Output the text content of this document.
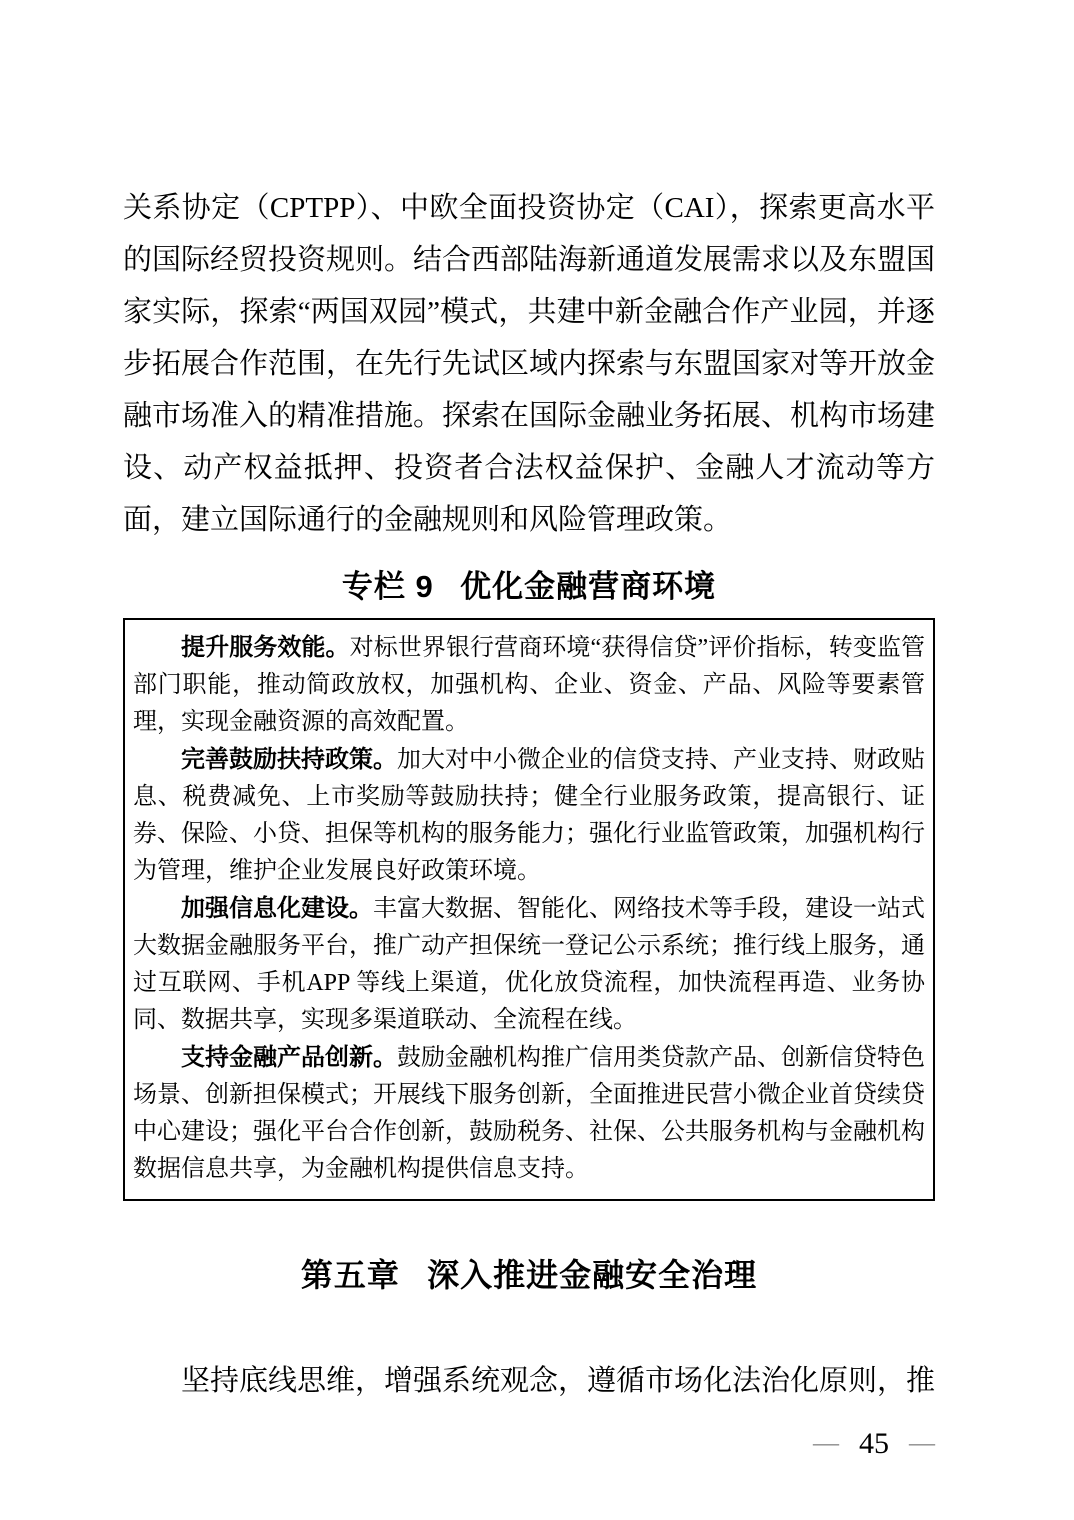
关系协定（CPTPP）、中欧全面投资协定（CAI），探索更高水平的国际经贸投资规则。结合西部陆海新通道发展需求以及东盟国家实际，探索“两国双园”模式，共建中新金融合作产业园，并逐步拓展合作范围，在先行先试区域内探索与东盟国家对等开放金融市场准入的精准措施。探索在国际金融业务拓展、机构市场建设、动产权益抵押、投资者合法权益保护、金融人才流动等方面，建立国际通行的金融规则和风险管理政策。

专栏 9 优化金融营商环境

提升服务效能。对标世界银行营商环境“获得信贷”评价指标，转变监管部门职能，推动简政放权，加强机构、企业、资金、产品、风险等要素管理，实现金融资源的高效配置。

完善鼓励扶持政策。加大对中小微企业的信贷支持、产业支持、财政贴息、税费减免、上市奖励等鼓励扶持；健全行业服务政策，提高银行、证券、保险、小贷、担保等机构的服务能力；强化行业监管政策，加强机构行为管理，维护企业发展良好政策环境。

加强信息化建设。丰富大数据、智能化、网络技术等手段，建设一站式大数据金融服务平台，推广动产担保统一登记公示系统；推行线上服务，通过互联网、手机APP 等线上渠道，优化放贷流程，加快流程再造、业务协同、数据共享，实现多渠道联动、全流程在线。

支持金融产品创新。鼓励金融机构推广信用类贷款产品、创新信贷特色场景、创新担保模式；开展线下服务创新，全面推进民营小微企业首贷续贷中心建设；强化平台合作创新，鼓励税务、社保、公共服务机构与金融机构数据信息共享，为金融机构提供信息支持。

第五章 深入推进金融安全治理

坚持底线思维，增强系统观念，遵循市场化法治化原则，推

— 45 —
